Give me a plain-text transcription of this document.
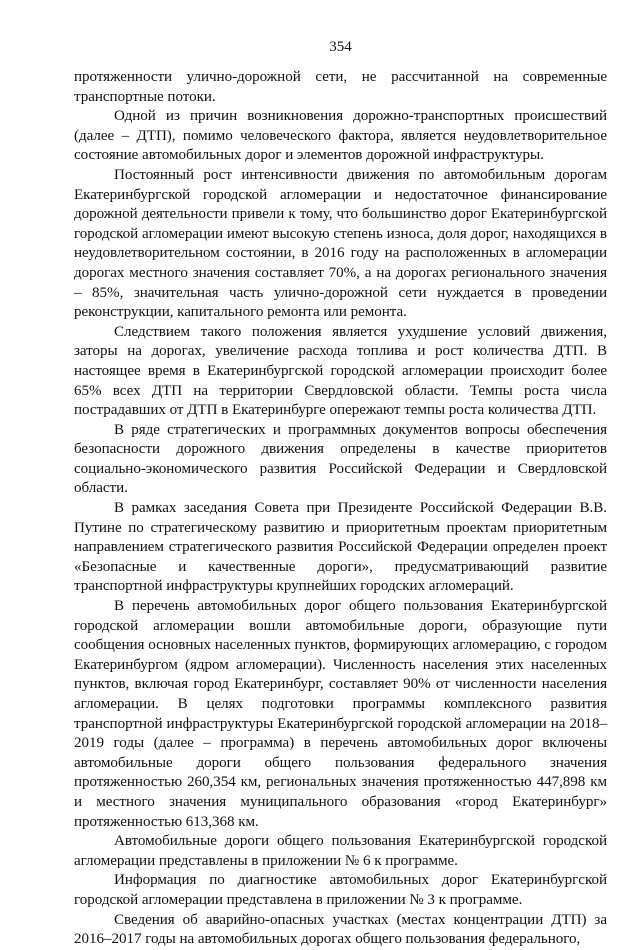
354

протяженности улично-дорожной сети, не рассчитанной на современные транспортные потоки.

Одной из причин возникновения дорожно-транспортных происшествий (далее – ДТП), помимо человеческого фактора, является неудовлетворительное состояние автомобильных дорог и элементов дорожной инфраструктуры.

Постоянный рост интенсивности движения по автомобильным дорогам Екатеринбургской городской агломерации и недостаточное финансирование дорожной деятельности привели к тому, что большинство дорог Екатеринбургской городской агломерации имеют высокую степень износа, доля дорог, находящихся в неудовлетворительном состоянии, в 2016 году на расположенных в агломерации дорогах местного значения составляет 70%, а на дорогах регионального значения – 85%, значительная часть улично-дорожной сети нуждается в проведении реконструкции, капитального ремонта или ремонта.

Следствием такого положения является ухудшение условий движения, заторы на дорогах, увеличение расхода топлива и рост количества ДТП. В настоящее время в Екатеринбургской городской агломерации происходит более 65% всех ДТП на территории Свердловской области. Темпы роста числа пострадавших от ДТП в Екатеринбурге опережают темпы роста количества ДТП.

В ряде стратегических и программных документов вопросы обеспечения безопасности дорожного движения определены в качестве приоритетов социально-экономического развития Российской Федерации и Свердловской области.

В рамках заседания Совета при Президенте Российской Федерации В.В. Путине по стратегическому развитию и приоритетным проектам приоритетным направлением стратегического развития Российской Федерации определен проект «Безопасные и качественные дороги», предусматривающий развитие транспортной инфраструктуры крупнейших городских агломераций.

В перечень автомобильных дорог общего пользования Екатеринбургской городской агломерации вошли автомобильные дороги, образующие пути сообщения основных населенных пунктов, формирующих агломерацию, с городом Екатеринбургом (ядром агломерации). Численность населения этих населенных пунктов, включая город Екатеринбург, составляет 90% от численности населения агломерации. В целях подготовки программы комплексного развития транспортной инфраструктуры Екатеринбургской городской агломерации на 2018–2019 годы (далее – программа) в перечень автомобильных дорог включены автомобильные дороги общего пользования федерального значения протяженностью 260,354 км, региональных значения протяженностью 447,898 км и местного значения муниципального образования «город Екатеринбург» протяженностью 613,368 км.

Автомобильные дороги общего пользования Екатеринбургской городской агломерации представлены в приложении № 6 к программе.

Информация по диагностике автомобильных дорог Екатеринбургской городской агломерации представлена в приложении № 3 к программе.

Сведения об аварийно-опасных участках (местах концентрации ДТП) за 2016–2017 годы на автомобильных дорогах общего пользования федерального,
